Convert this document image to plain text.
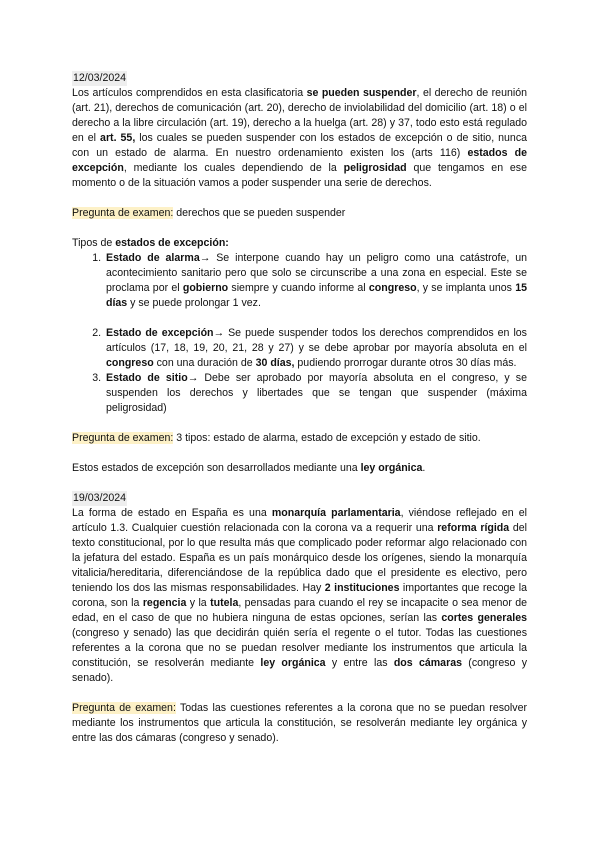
12/03/2024

Los artículos comprendidos en esta clasificatoria se pueden suspender, el derecho de reunión (art. 21), derechos de comunicación (art. 20), derecho de inviolabilidad del domicilio (art. 18) o el derecho a la libre circulación (art. 19), derecho a la huelga (art. 28) y 37, todo esto está regulado en el art. 55, los cuales se pueden suspender con los estados de excepción o de sitio, nunca con un estado de alarma. En nuestro ordenamiento existen los (arts 116) estados de excepción, mediante los cuales dependiendo de la peligrosidad que tengamos en ese momento o de la situación vamos a poder suspender una serie de derechos.

Pregunta de examen: derechos que se pueden suspender

Tipos de estados de excepción:

1. Estado de alarma→ Se interpone cuando hay un peligro como una catástrofe, un acontecimiento sanitario pero que solo se circunscribe a una zona en especial. Este se proclama por el gobierno siempre y cuando informe al congreso, y se implanta unos 15 días y se puede prolongar 1 vez.
2. Estado de excepción→ Se puede suspender todos los derechos comprendidos en los artículos (17, 18, 19, 20, 21, 28 y 27) y se debe aprobar por mayoría absoluta en el congreso con una duración de 30 días, pudiendo prorrogar durante otros 30 días más.
3. Estado de sitio→ Debe ser aprobado por mayoría absoluta en el congreso, y se suspenden los derechos y libertades que se tengan que suspender (máxima peligrosidad)

Pregunta de examen: 3 tipos: estado de alarma, estado de excepción y estado de sitio.

Estos estados de excepción son desarrollados mediante una ley orgánica.

19/03/2024

La forma de estado en España es una monarquía parlamentaria, viéndose reflejado en el artículo 1.3. Cualquier cuestión relacionada con la corona va a requerir una reforma rígida del texto constitucional, por lo que resulta más que complicado poder reformar algo relacionado con la jefatura del estado. España es un país monárquico desde los orígenes, siendo la monarquía vitalicia/hereditaria, diferenciándose de la república dado que el presidente es electivo, pero teniendo los dos las mismas responsabilidades. Hay 2 instituciones importantes que recoge la corona, son la regencia y la tutela, pensadas para cuando el rey se incapacite o sea menor de edad, en el caso de que no hubiera ninguna de estas opciones, serían las cortes generales (congreso y senado) las que decidirán quién sería el regente o el tutor. Todas las cuestiones referentes a la corona que no se puedan resolver mediante los instrumentos que articula la constitución, se resolverán mediante ley orgánica y entre las dos cámaras (congreso y senado).

Pregunta de examen: Todas las cuestiones referentes a la corona que no se puedan resolver mediante los instrumentos que articula la constitución, se resolverán mediante ley orgánica y entre las dos cámaras (congreso y senado).
